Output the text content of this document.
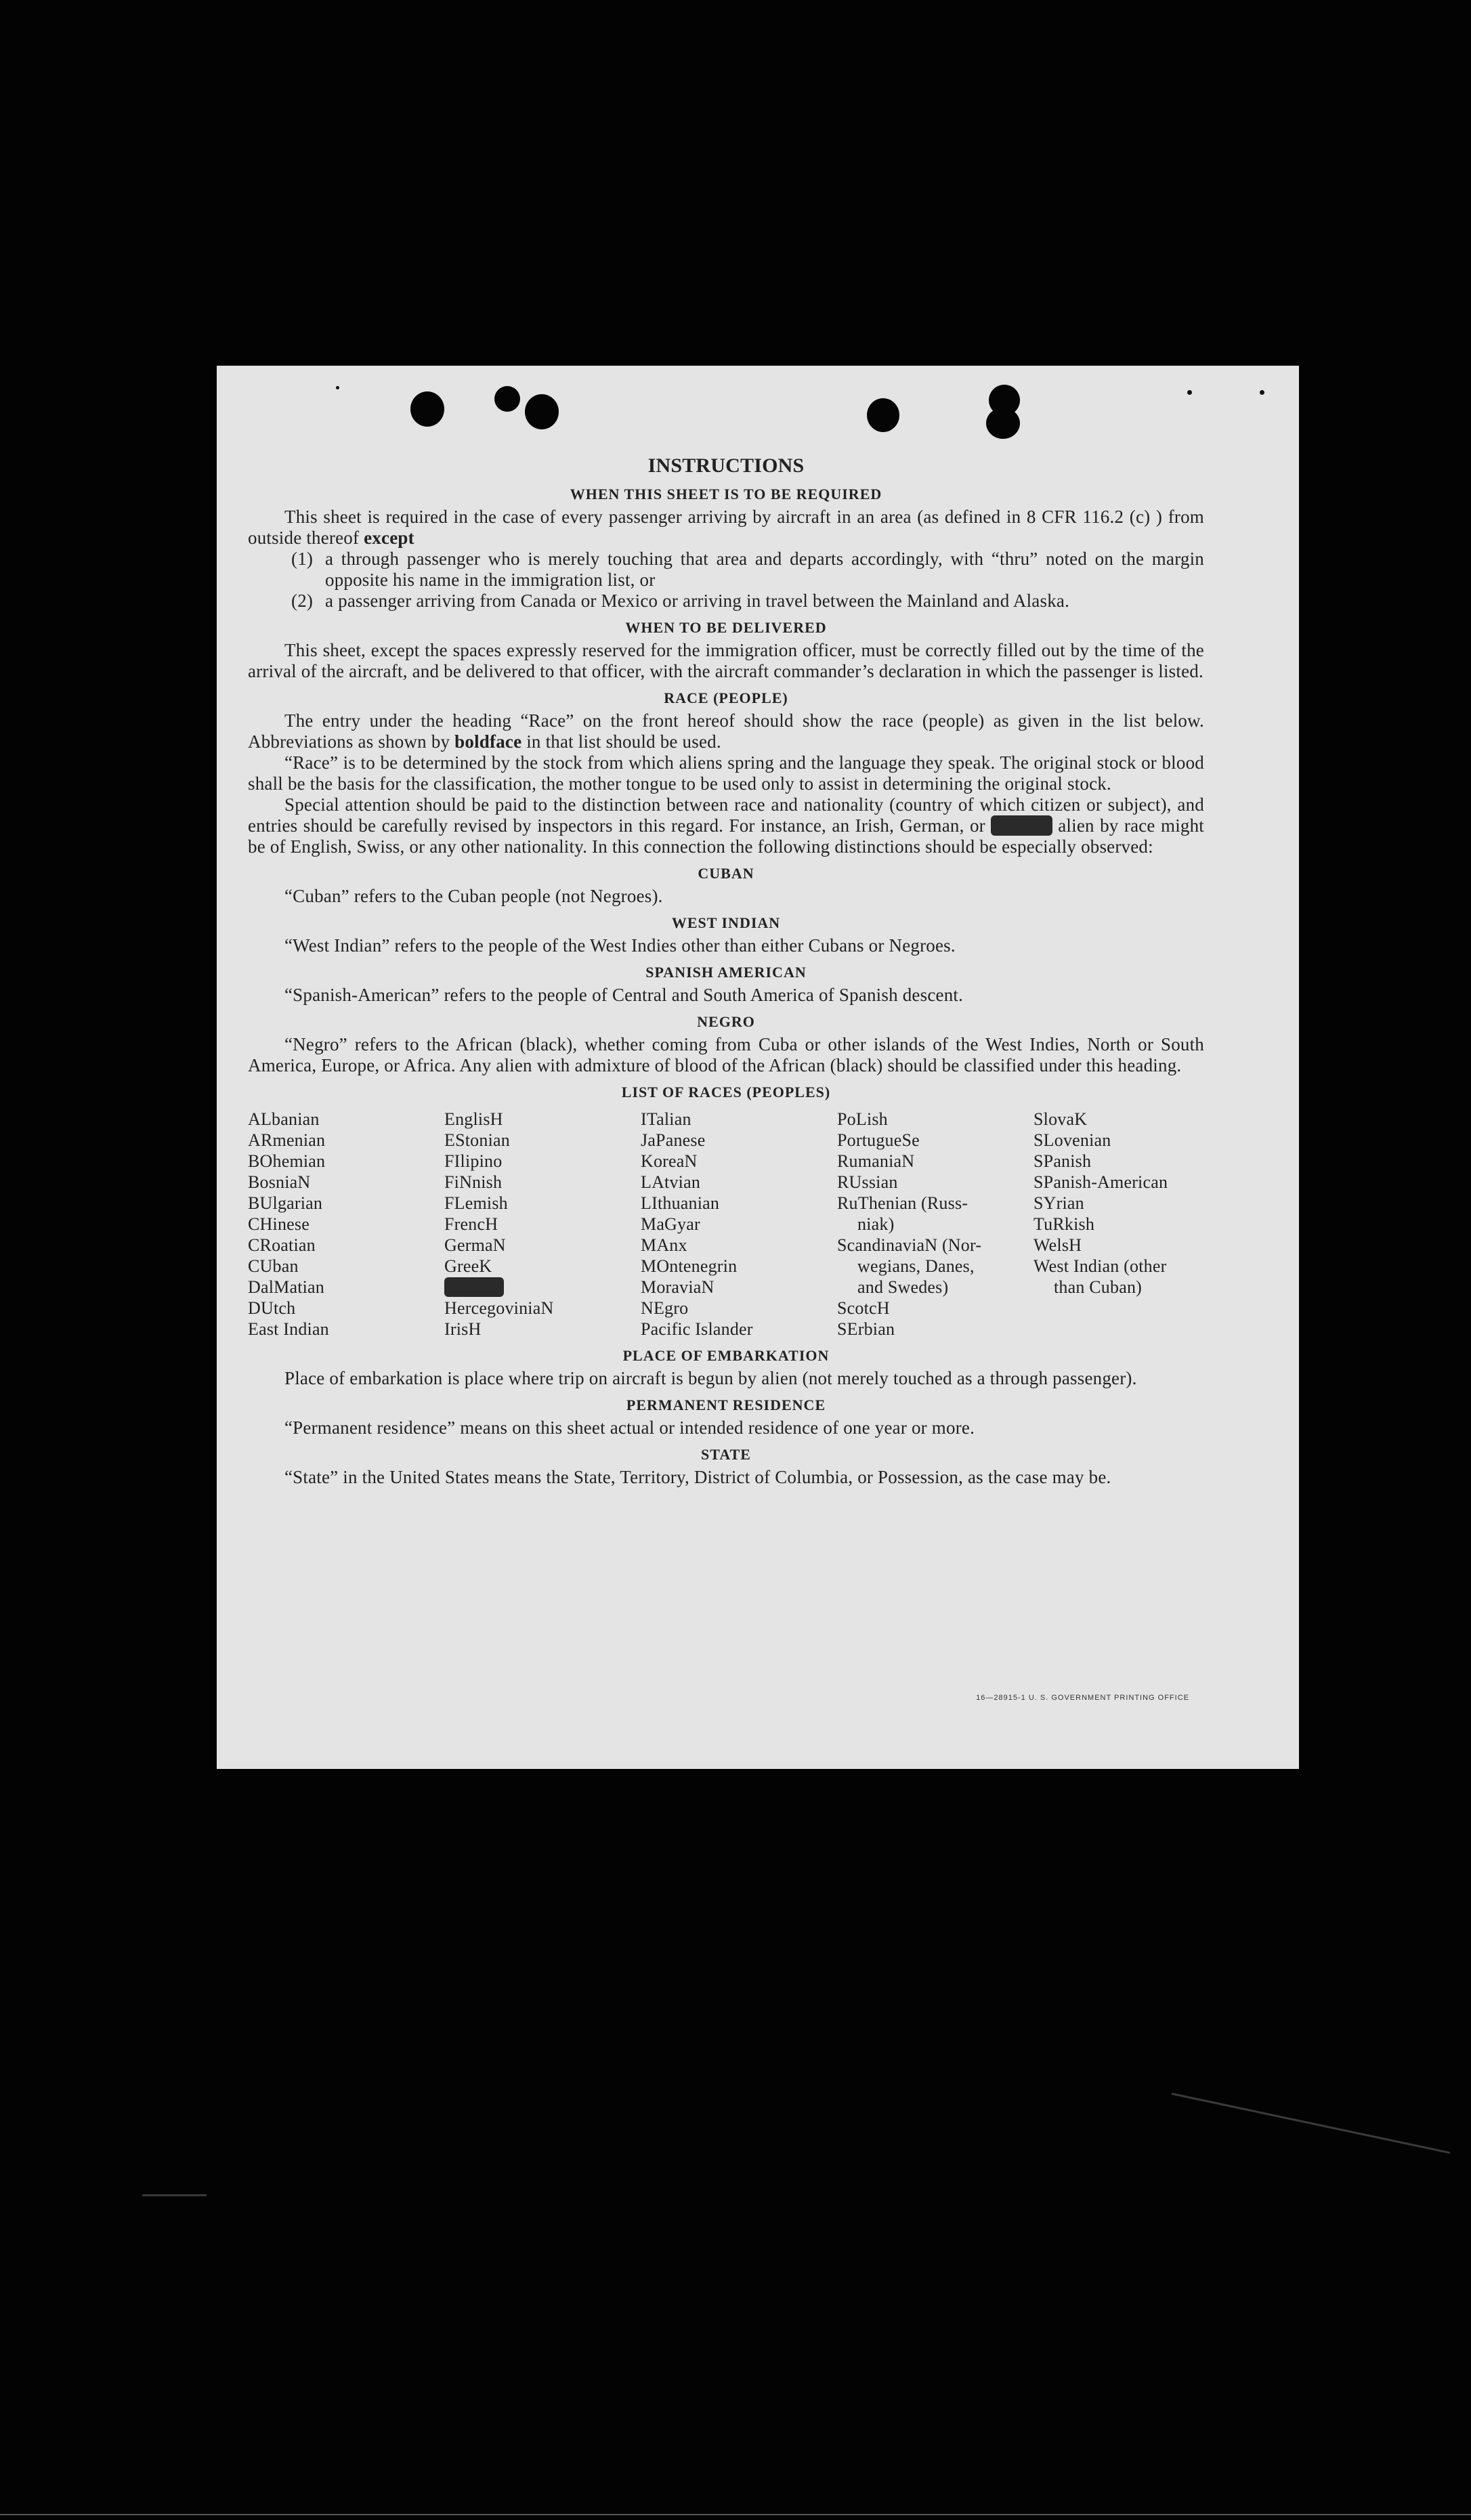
INSTRUCTIONS
WHEN THIS SHEET IS TO BE REQUIRED

This sheet is required in the case of every passenger arriving by aircraft in an area (as defined in 8 CFR 116.2 (c) ) from outside thereof except

(1) a through passenger who is merely touching that area and departs accordingly, with “thru” noted on the margin opposite his name in the immigration list, or

(2) a passenger arriving from Canada or Mexico or arriving in travel between the Mainland and Alaska.

WHEN TO BE DELIVERED

This sheet, except the spaces expressly reserved for the immigration officer, must be correctly filled out by the time of the arrival of the aircraft, and be delivered to that officer, with the aircraft commander’s declaration in which the passenger is listed.

RACE (PEOPLE)

The entry under the heading “Race” on the front hereof should show the race (people) as given in the list below. Abbreviations as shown by boldface in that list should be used.

“Race” is to be determined by the stock from which aliens spring and the language they speak. The original stock or blood shall be the basis for the classification, the mother tongue to be used only to assist in determining the original stock.

Special attention should be paid to the distinction between race and nationality (country of which citizen or subject), and entries should be carefully revised by inspectors in this regard. For instance, an Irish, German, or Hebrew alien by race might be of English, Swiss, or any other nationality. In this connection the following distinctions should be especially observed:

CUBAN

“Cuban” refers to the Cuban people (not Negroes).

WEST INDIAN

“West Indian” refers to the people of the West Indies other than either Cubans or Negroes.

SPANISH AMERICAN

“Spanish-American” refers to the people of Central and South America of Spanish descent.

NEGRO

“Negro” refers to the African (black), whether coming from Cuba or other islands of the West Indies, North or South America, Europe, or Africa. Any alien with admixture of blood of the African (black) should be classified under this heading.

LIST OF RACES (PEOPLES)
ALbanian
ARmenian
BOhemian
BosniaN
BUlgarian
CHinese
CRoatian
CUban
DalMatian
DUtch
East Indian
EnglisH
EStonian
FIlipino
FiNnish
FLemish
FrencH
GermaN
GreeK
Hebrew
HercegoviniaN
IrisH
ITalian
JaPanese
KoreaN
LAtvian
LIthuanian
MaGyar
MAnx
MOntenegrin
MoraviaN
NEgro
Pacific Islander
PoLish
PortugueSe
RumaniaN
RUssian
RuThenian (Russ-
niak)
ScandinaviaN (Nor-
wegians, Danes,
and Swedes)
ScotcH
SErbian
SlovaK
SLovenian
SPanish
SPanish-American
SYrian
TuRkish
WelsH
West Indian (other
than Cuban)
PLACE OF EMBARKATION

Place of embarkation is place where trip on aircraft is begun by alien (not merely touched as a through passenger).

PERMANENT RESIDENCE

“Permanent residence” means on this sheet actual or intended residence of one year or more.

STATE

“State” in the United States means the State, Territory, District of Columbia, or Possession, as the case may be.

16—28915-1 U. S. GOVERNMENT PRINTING OFFICE
